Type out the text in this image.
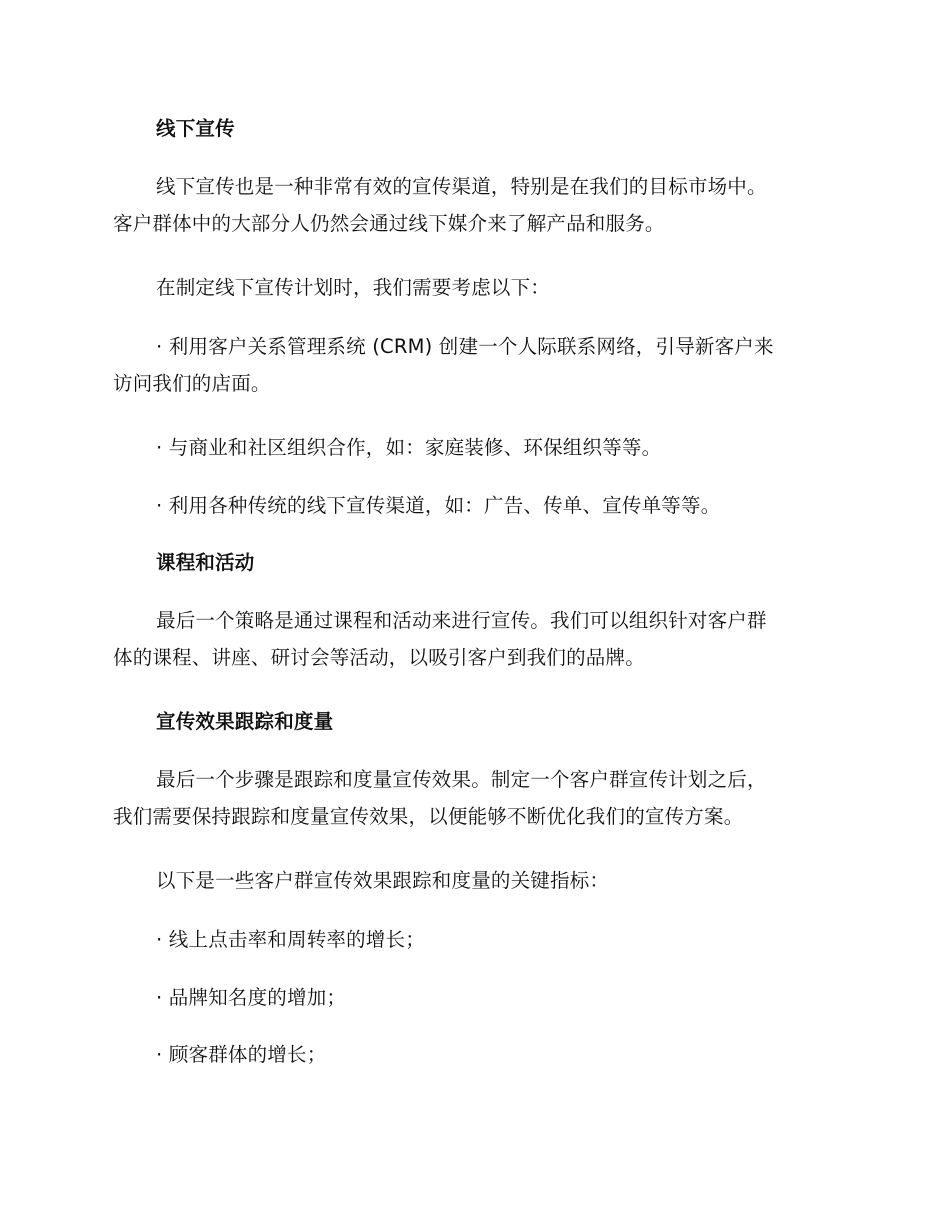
线下宣传

线下宣传也是一种非常有效的宣传渠道，特别是在我们的目标市场中。
客户群体中的大部分人仍然会通过线下媒介来了解产品和服务。

在制定线下宣传计划时，我们需要考虑以下：

· 利用客户关系管理系统 (CRM) 创建一个人际联系网络，引导新客户来
访问我们的店面。

· 与商业和社区组织合作，如：家庭装修、环保组织等等。

· 利用各种传统的线下宣传渠道，如：广告、传单、宣传单等等。

课程和活动

最后一个策略是通过课程和活动来进行宣传。我们可以组织针对客户群
体的课程、讲座、研讨会等活动，以吸引客户到我们的品牌。

宣传效果跟踪和度量

最后一个步骤是跟踪和度量宣传效果。制定一个客户群宣传计划之后，
我们需要保持跟踪和度量宣传效果，以便能够不断优化我们的宣传方案。

以下是一些客户群宣传效果跟踪和度量的关键指标：

· 线上点击率和周转率的增长；

· 品牌知名度的增加；

· 顾客群体的增长；
